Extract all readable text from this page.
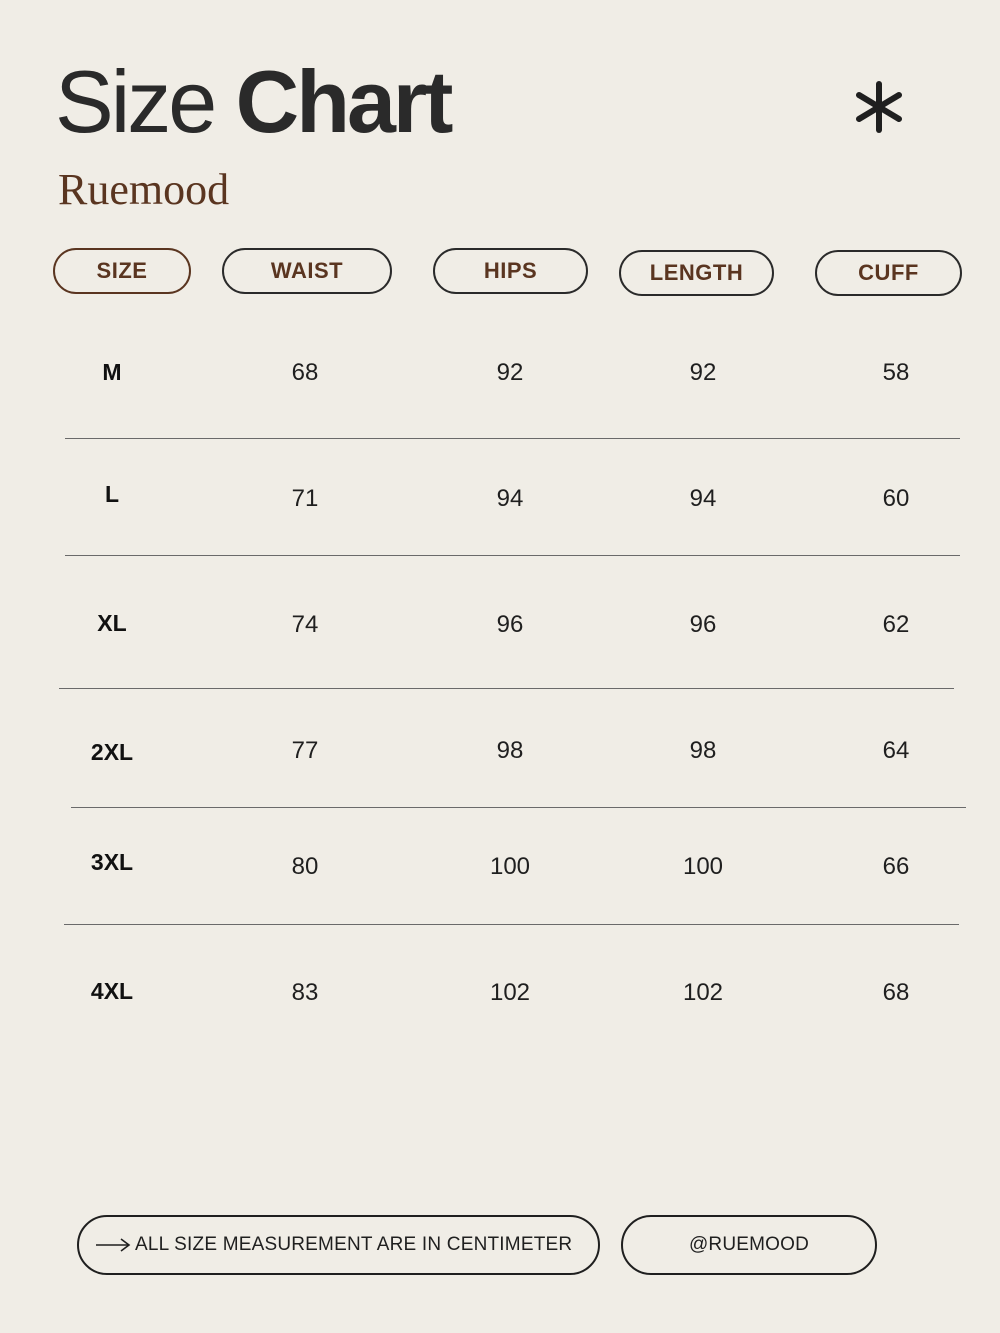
Size Chart
Ruemood
SIZE	WAIST	HIPS	LENGTH	CUFF
M	68	92	92	58
L	71	94	94	60
XL	74	96	96	62
2XL	77	98	98	64
3XL	80	100	100	66
4XL	83	102	102	68
ALL SIZE MEASUREMENT ARE IN CENTIMETER	@RUEMOOD
